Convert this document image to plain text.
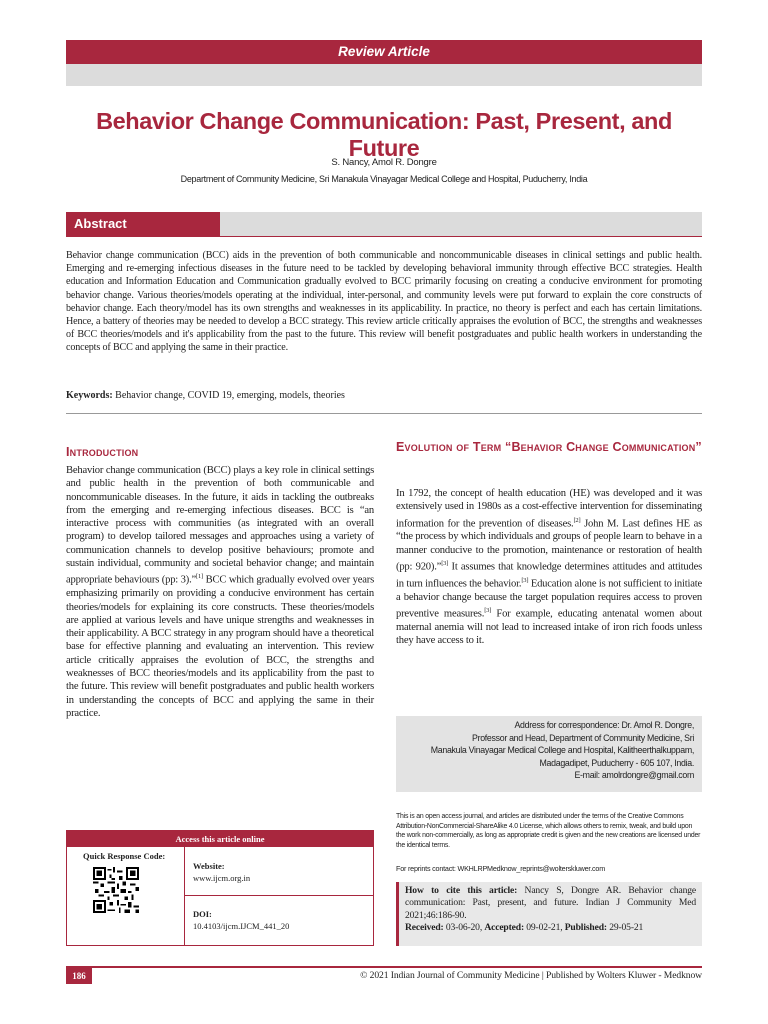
Review Article
Behavior Change Communication: Past, Present, and Future
S. Nancy, Amol R. Dongre
Department of Community Medicine, Sri Manakula Vinayagar Medical College and Hospital, Puducherry, India
Abstract

Behavior change communication (BCC) aids in the prevention of both communicable and noncommunicable diseases in clinical settings and public health. Emerging and re-emerging infectious diseases in the future need to be tackled by developing behavioral immunity through effective BCC strategies. Health education and Information Education and Communication gradually evolved to BCC primarily focusing on creating a conducive environment for promoting behavior change. Various theories/models operating at the individual, inter-personal, and community levels were put forward to explain the core constructs of behavior change. Each theory/model has its own strengths and weaknesses in its applicability. In practice, no theory is perfect and each has certain limitations. Hence, a battery of theories may be needed to develop a BCC strategy. This review article critically appraises the evolution of BCC, the strengths and weaknesses of BCC theories/models and it's applicability from the past to the future. This review will benefit postgraduates and public health workers in understanding the concepts of BCC and applying the same in their practice.

Keywords: Behavior change, COVID 19, emerging, models, theories

Introduction

Behavior change communication (BCC) plays a key role in clinical settings and public health in the prevention of both communicable and noncommunicable diseases. In the future, it aids in tackling the outbreaks from the emerging and re-emerging infectious diseases. BCC is “an interactive process with communities (as integrated with an overall program) to develop tailored messages and approaches using a variety of communication channels to develop positive behaviours; promote and sustain individual, community and societal behavior change; and maintain appropriate behaviours (pp: 3).”[1] BCC which gradually evolved over years emphasizing primarily on providing a conducive environment has certain theories/models for explaining its core constructs. These theories/models are applied at various levels and have unique strengths and weaknesses in their applicability. A BCC strategy in any program should have a theoretical base for effective planning and evaluating an intervention. This review article critically appraises the evolution of BCC, the strengths and weaknesses of BCC theories/models and its applicability from the past to the future. This review will benefit postgraduates and public health workers in understanding the concepts of BCC and applying the same in their practice.

Evolution of Term “Behavior Change Communication”

In 1792, the concept of health education (HE) was developed and it was extensively used in 1980s as a cost-effective intervention for disseminating information for the prevention of diseases.[2] John M. Last defines HE as “the process by which individuals and groups of people learn to behave in a manner conducive to the promotion, maintenance or restoration of health (pp: 920).”[3] It assumes that knowledge determines attitudes and attitudes in turn influences the behavior.[3] Education alone is not sufficient to initiate a behavior change because the target population requires access to proven preventive measures.[3] For example, educating antenatal women about maternal anemia will not lead to increased intake of iron rich foods unless they have access to it.

Address for correspondence: Dr. Amol R. Dongre,
Professor and Head, Department of Community Medicine, Sri
Manakula Vinayagar Medical College and Hospital, Kalitheerthalkuppam,
Madagadipet, Puducherry - 605 107, India.
E-mail: amolrdongre@gmail.com

This is an open access journal, and articles are distributed under the terms of the Creative Commons Attribution-NonCommercial-ShareAlike 4.0 License, which allows others to remix, tweak, and build upon the work non-commercially, as long as appropriate credit is given and the new creations are licensed under the identical terms.

For reprints contact: WKHLRPMedknow_reprints@wolterskluwer.com

How to cite this article: Nancy S, Dongre AR. Behavior change communication: Past, present, and future. Indian J Community Med 2021;46:186-90.
Received: 03-06-20, Accepted: 09-02-21, Published: 29-05-21
Access this article online
Quick Response Code:
Website:
www.ijcm.org.in
DOI:
10.4103/ijcm.IJCM_441_20
186	© 2021 Indian Journal of Community Medicine | Published by Wolters Kluwer - Medknow
